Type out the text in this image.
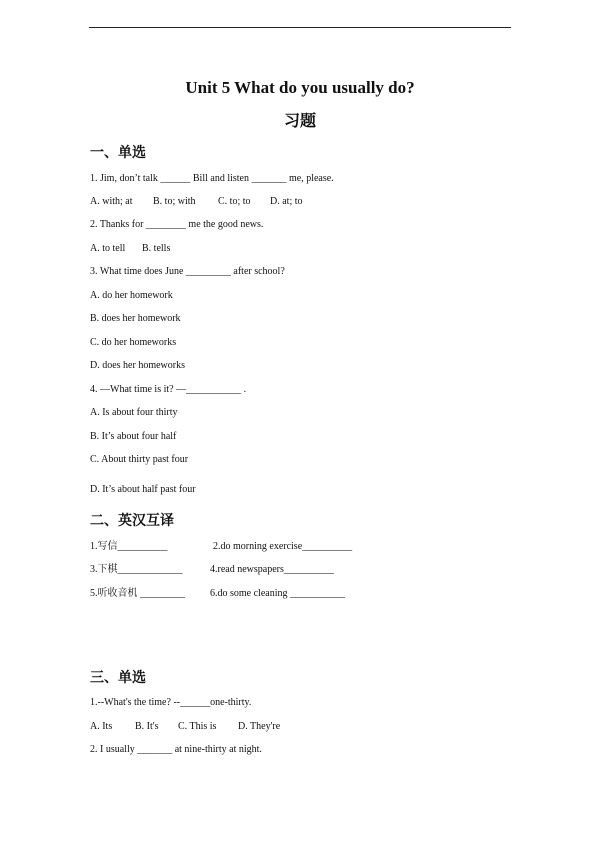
Unit 5 What do you usually do?
习题
一、单选
1. Jim, don’t talk ______ Bill and listen _______ me, please.
A. with; at B. to; with C. to; to D. at; to
2. Thanks for ________ me the good news.
A. to tell B. tells
3. What time does June _________ after school?
A. do her homework
B. does her homework
C. do her homeworks
D. does her homeworks
4. —What time is it? —___________ .
A. Is about four thirty
B. It’s about four half
C. About thirty past four
D. It’s about half past four
二、英汉互译
1.写信__________	2.do morning exercise__________
3.下棋_____________	4.read newspapers__________
5.听收音机 _________	6.do some cleaning ___________
三、单选
1.--What's the time? --______one-thirty.
A. Its B. It's C. This is D. They're
2. I usually _______ at nine-thirty at night.
